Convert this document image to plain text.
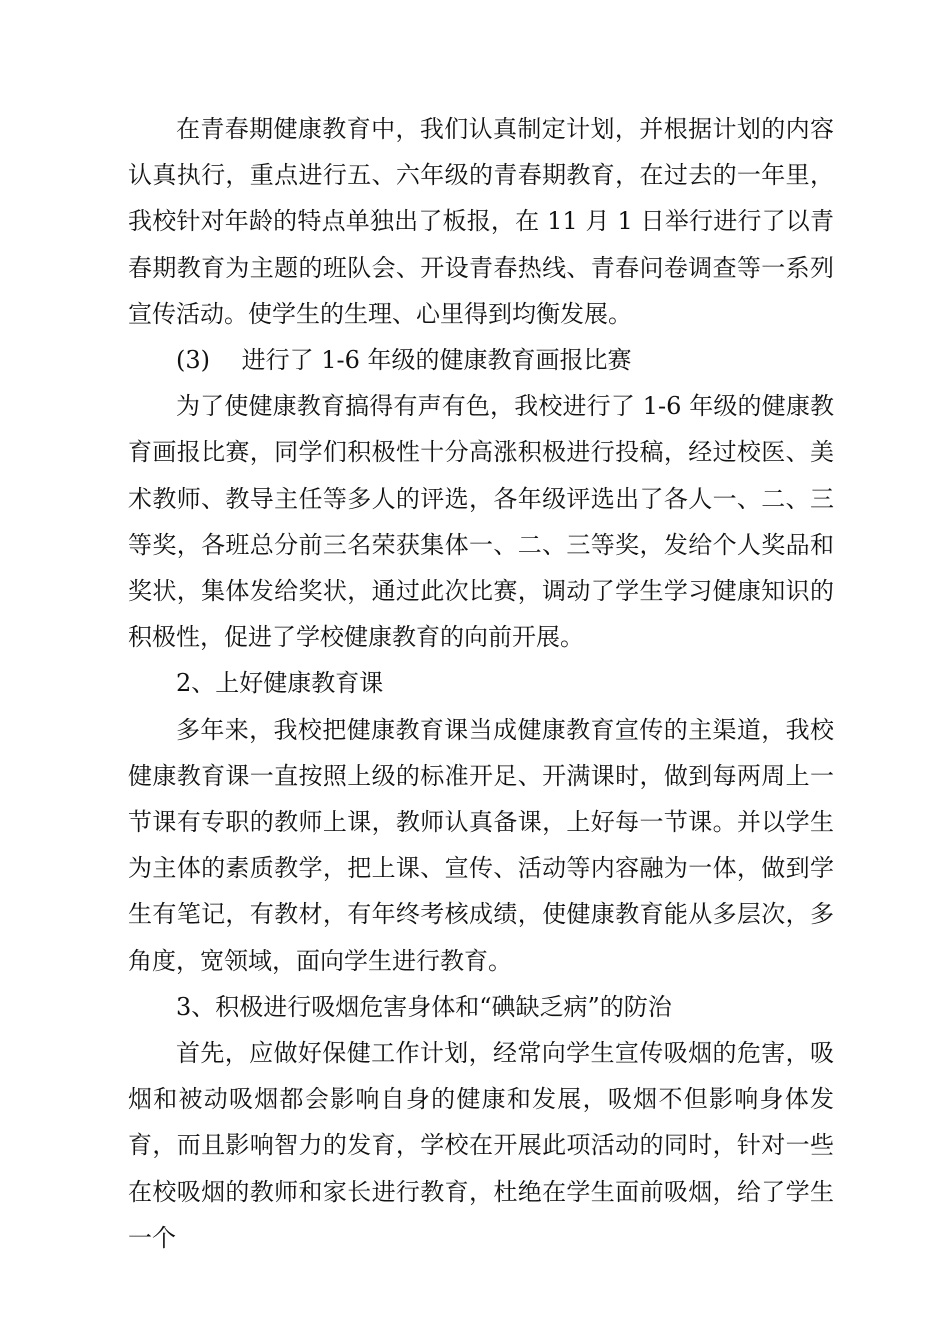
在青春期健康教育中，我们认真制定计划，并根据计划的内容认真执行，重点进行五、六年级的青春期教育，在过去的一年里，我校针对年龄的特点单独出了板报，在 11 月 1 日举行进行了以青春期教育为主题的班队会、开设青春热线、青春问卷调查等一系列宣传活动。使学生的生理、心里得到均衡发展。

(3)　 进行了 1-6 年级的健康教育画报比赛

为了使健康教育搞得有声有色，我校进行了 1-6 年级的健康教育画报比赛，同学们积极性十分高涨积极进行投稿，经过校医、美术教师、教导主任等多人的评选，各年级评选出了各人一、二、三等奖，各班总分前三名荣获集体一、二、三等奖，发给个人奖品和奖状，集体发给奖状，通过此次比赛，调动了学生学习健康知识的积极性，促进了学校健康教育的向前开展。

2、上好健康教育课

多年来，我校把健康教育课当成健康教育宣传的主渠道，我校健康教育课一直按照上级的标准开足、开满课时，做到每两周上一节课有专职的教师上课，教师认真备课，上好每一节课。并以学生为主体的素质教学，把上课、宣传、活动等内容融为一体，做到学生有笔记，有教材，有年终考核成绩，使健康教育能从多层次，多角度，宽领域，面向学生进行教育。

3、积极进行吸烟危害身体和“碘缺乏病”的防治

首先，应做好保健工作计划，经常向学生宣传吸烟的危害，吸烟和被动吸烟都会影响自身的健康和发展，吸烟不但影响身体发育，而且影响智力的发育，学校在开展此项活动的同时，针对一些在校吸烟的教师和家长进行教育，杜绝在学生面前吸烟，给了学生一个
